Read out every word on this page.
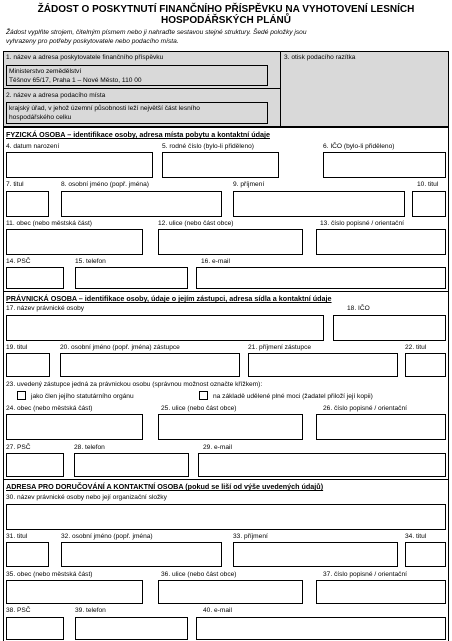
ŽÁDOST O POSKYTNUTÍ FINANČNÍHO PŘÍSPĚVKU NA VYHOTOVENÍ LESNÍCH
HOSPODÁŘSKÝCH PLÁNŮ
Žádost vyplňte strojem, čitelným písmem nebo ji nahraďte sestavou stejné struktury. Šedé položky jsou
vyhrazeny pro potřeby poskytovatele nebo podacího místa.
1. název a adresa poskytovatele finančního příspěvku
Ministerstvo zemědělství
Těšnov 65/17, Praha 1 – Nové Město, 110 00
2. název a adresa podacího místa
krajský úřad, v jehož územní působnosti leží největší část lesního
hospodářského celku
3. otisk podacího razítka
FYZICKÁ OSOBA – identifikace osoby, adresa místa pobytu a kontaktní údaje
4. datum narození	5. rodné číslo (bylo-li přiděleno)	6. IČO (bylo-li přiděleno)
7. titul	8. osobní jméno (popř. jména)	9. příjmení	10. titul
11. obec (nebo městská část)	12. ulice (nebo část obce)	13. číslo popisné / orientační
14. PSČ	15. telefon	16. e-mail
PRÁVNICKÁ OSOBA – identifikace osoby, údaje o jejím zástupci, adresa sídla a kontaktní údaje
17. název právnické osoby	18. IČO
19. titul	20. osobní jméno (popř. jména) zástupce	21. příjmení zástupce	22. titul
23. uvedený zástupce jedná za právnickou osobu (správnou možnost označte křížkem):
jako člen jejího statutárního orgánu	na základě udělené plné moci (žadatel přiloží její kopii)
24. obec (nebo městská část)	25. ulice (nebo část obce)	26. číslo popisné / orientační
27. PSČ	28. telefon	29. e-mail
ADRESA PRO DORUČOVÁNÍ A KONTAKTNÍ OSOBA (pokud se liší od výše uvedených údajů)
30. název právnické osoby nebo její organizační složky
31. titul	32. osobní jméno (popř. jména)	33. příjmení	34. titul
35. obec (nebo městská část)	36. ulice (nebo část obce)	37. číslo popisné / orientační
38. PSČ	39. telefon	40. e-mail
